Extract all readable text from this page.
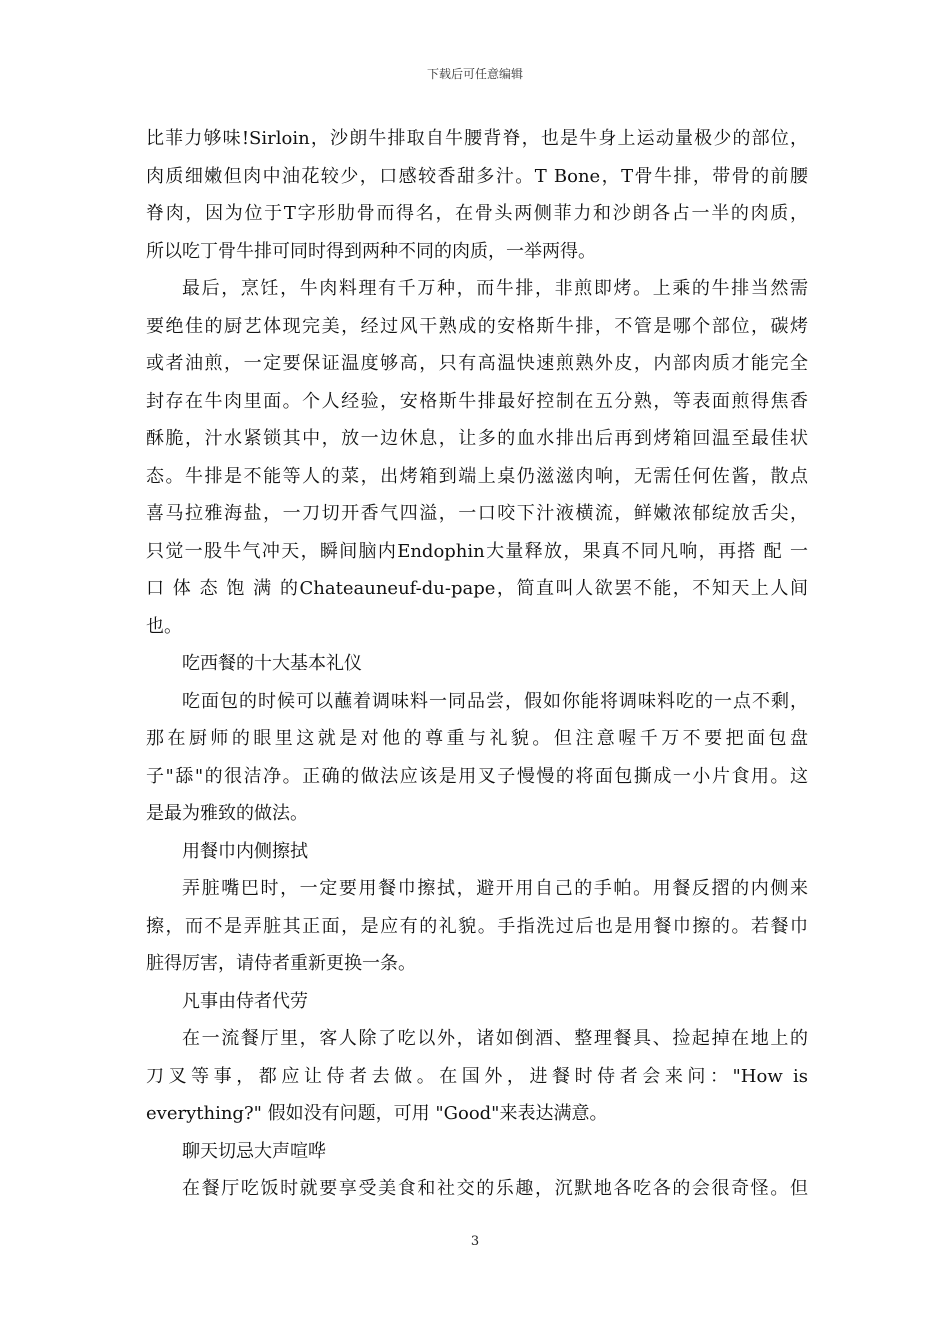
下载后可任意编辑
比菲力够味!Sirloin，沙朗牛排取自牛腰背脊，也是牛身上运动量极少的部位，
肉质细嫩但肉中油花较少，口感较香甜多汁。T Bone，T骨牛排，带骨的前腰
脊肉，因为位于T字形肋骨而得名，在骨头两侧菲力和沙朗各占一半的肉质，
所以吃丁骨牛排可同时得到两种不同的肉质，一举两得。
最后，烹饪，牛肉料理有千万种，而牛排，非煎即烤。上乘的牛排当然需
要绝佳的厨艺体现完美，经过风干熟成的安格斯牛排，不管是哪个部位，碳烤
或者油煎，一定要保证温度够高，只有高温快速煎熟外皮，内部肉质才能完全
封存在牛肉里面。个人经验，安格斯牛排最好控制在五分熟，等表面煎得焦香
酥脆，汁水紧锁其中，放一边休息，让多的血水排出后再到烤箱回温至最佳状
态。牛排是不能等人的菜，出烤箱到端上桌仍滋滋肉响，无需任何佐酱，散点
喜马拉雅海盐，一刀切开香气四溢，一口咬下汁液横流，鲜嫩浓郁绽放舌尖，
只觉一股牛气冲天，瞬间脑内Endophin大量释放，果真不同凡响，再搭 配 一
口 体 态 饱 满 的Chateauneuf-du-pape，简直叫人欲罢不能，不知天上人间
也。
吃西餐的十大基本礼仪
吃面包的时候可以蘸着调味料一同品尝，假如你能将调味料吃的一点不剩，
那在厨师的眼里这就是对他的尊重与礼貌。但注意喔千万不要把面包盘
子"舔"的很洁净。正确的做法应该是用叉子慢慢的将面包撕成一小片食用。这
是最为雅致的做法。
用餐巾内侧擦拭
弄脏嘴巴时，一定要用餐巾擦拭，避开用自己的手帕。用餐反摺的内侧来
擦，而不是弄脏其正面，是应有的礼貌。手指洗过后也是用餐巾擦的。若餐巾
脏得厉害，请侍者重新更换一条。
凡事由侍者代劳
在一流餐厅里，客人除了吃以外，诸如倒酒、整理餐具、捡起掉在地上的
刀叉等事，都应让侍者去做。在国外，进餐时侍者会来问："How is
everything?" 假如没有问题，可用 "Good"来表达满意。
聊天切忌大声喧哗
在餐厅吃饭时就要享受美食和社交的乐趣，沉默地各吃各的会很奇怪。但
3
